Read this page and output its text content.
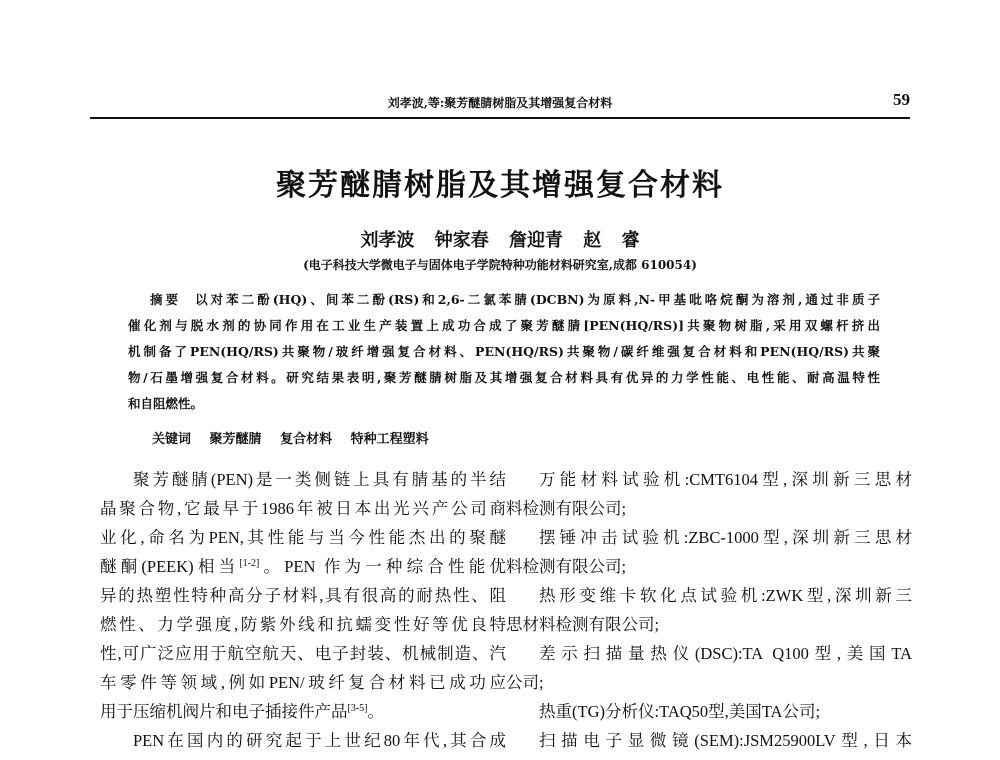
刘孝波,等:聚芳醚腈树脂及其增强复合材料	59
聚芳醚腈树脂及其增强复合材料
刘孝波 钟家春 詹迎青 赵 睿
(电子科技大学微电子与固体电子学院特种功能材料研究室,成都 610054)
摘要 以对苯二酚(HQ)、间苯二酚(RS)和2,6-二氯苯腈(DCBN)为原料,N-甲基吡咯烷酮为溶剂,通过非质子
催化剂与脱水剂的协同作用在工业生产装置上成功合成了聚芳醚腈[PEN(HQ/RS)]共聚物树脂,采用双螺杆挤出
机制备了PEN(HQ/RS)共聚物/玻纤增强复合材料、PEN(HQ/RS)共聚物/碳纤维强复合材料和PEN(HQ/RS)共聚
物/石墨增强复合材料。研究结果表明,聚芳醚腈树脂及其增强复合材料具有优异的力学性能、电性能、耐高温特性
和自阻燃性。
关键词 聚芳醚腈 复合材料 特种工程塑料
聚芳醚腈(PEN)是一类侧链上具有腈基的半结
晶聚合物,它最早于1986年被日本出光兴产公司商
业化,命名为PEN,其性能与当今性能杰出的聚醚
醚酮(PEEK)相当[1-2]。PEN 作为一种综合性能优
异的热塑性特种高分子材料,具有很高的耐热性、阻
燃性、力学强度,防紫外线和抗蠕变性好等优良特
性,可广泛应用于航空航天、电子封装、机械制造、汽
车零件等领域,例如PEN/玻纤复合材料已成功应
用于压缩机阀片和电子插接件产品[3-5]。
PEN在国内的研究起于上世纪80年代,其合成
万能材料试验机:CMT6104型,深圳新三思材
料检测有限公司;
摆锤冲击试验机:ZBC-1000型,深圳新三思材
料检测有限公司;
热形变维卡软化点试验机:ZWK型,深圳新三
思材料检测有限公司;
差示扫描量热仪(DSC):TA Q100型,美国TA
公司;
热重(TG)分析仪:TAQ50型,美国TA公司;
扫描电子显微镜(SEM):JSM25900LV型,日本
